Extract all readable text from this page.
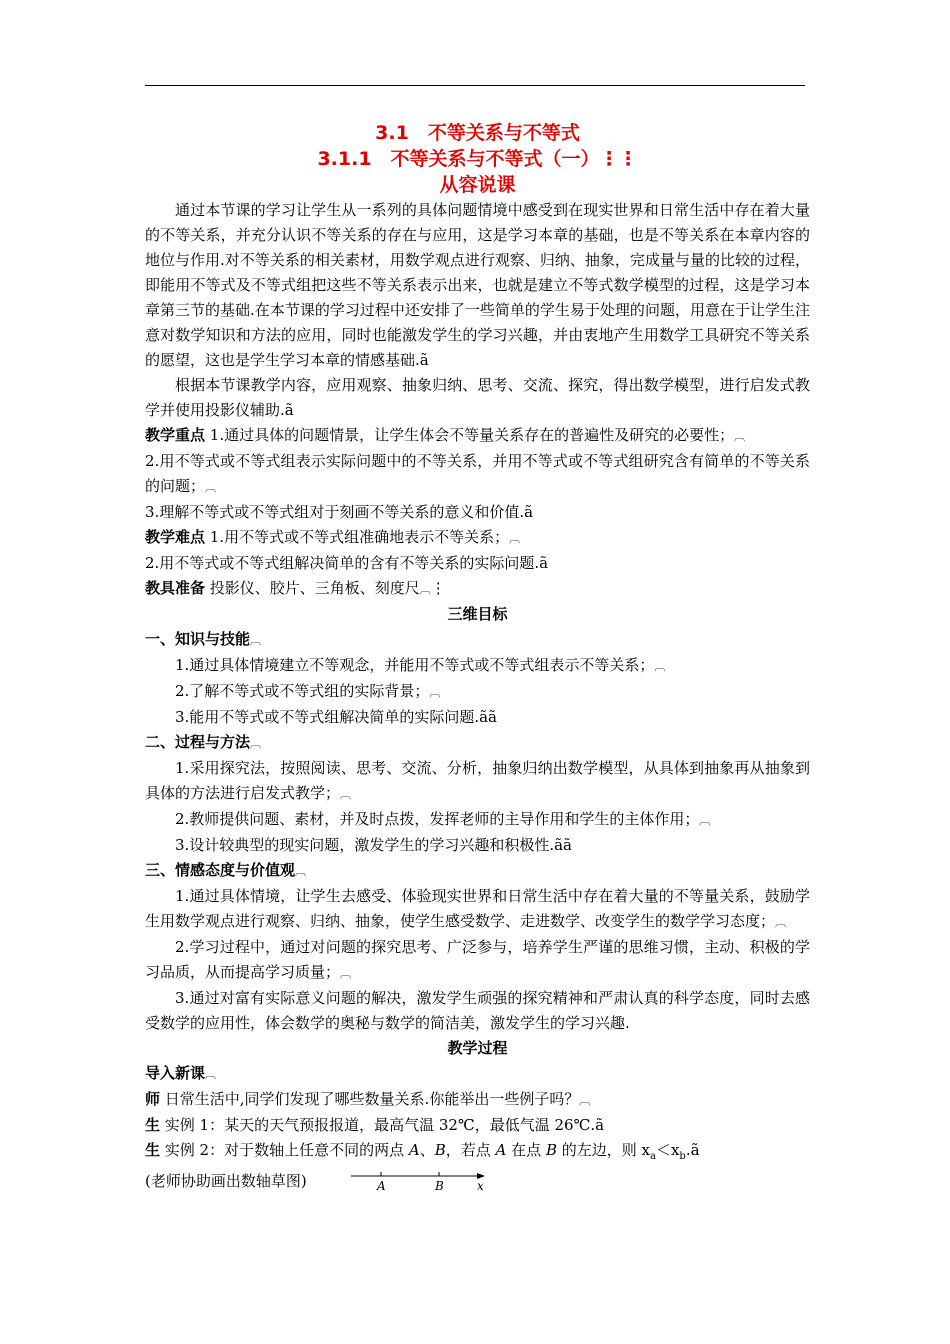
3.1　不等关系与不等式
3.1.1　不等关系与不等式（一）⋮⋮
从容说课

通过本节课的学习让学生从一系列的具体问题情境中感受到在现实世界和日常生活中存在着大量的不等关系，并充分认识不等关系的存在与应用，这是学习本章的基础，也是不等关系在本章内容的地位与作用.对不等关系的相关素材，用数学观点进行观察、归纳、抽象，完成量与量的比较的过程，即能用不等式及不等式组把这些不等关系表示出来，也就是建立不等式数学模型的过程，这是学习本章第三节的基础.在本节课的学习过程中还安排了一些简单的学生易于处理的问题，用意在于让学生注意对数学知识和方法的应用，同时也能激发学生的学习兴趣，并由衷地产生用数学工具研究不等关系的愿望，这也是学生学习本章的情感基础.ã

根据本节课教学内容，应用观察、抽象归纳、思考、交流、探究，得出数学模型，进行启发式教学并使用投影仪辅助.ã

教学重点 1.通过具体的问题情景，让学生体会不等量关系存在的普遍性及研究的必要性；︹

2.用不等式或不等式组表示实际问题中的不等关系，并用不等式或不等式组研究含有简单的不等关系的问题；︹

3.理解不等式或不等式组对于刻画不等关系的意义和价值.ã

教学难点 1.用不等式或不等式组准确地表示不等关系；︹

2.用不等式或不等式组解决简单的含有不等关系的实际问题.ã

教具准备 投影仪、胶片、三角板、刻度尺︹⋮

三维目标

一、知识与技能︹

1.通过具体情境建立不等观念，并能用不等式或不等式组表示不等关系；︹

2.了解不等式或不等式组的实际背景；︹

3.能用不等式或不等式组解决简单的实际问题.ãã

二、过程与方法︹

1.采用探究法，按照阅读、思考、交流、分析，抽象归纳出数学模型，从具体到抽象再从抽象到具体的方法进行启发式教学；︹

2.教师提供问题、素材，并及时点拨，发挥老师的主导作用和学生的主体作用；︹

3.设计较典型的现实问题，激发学生的学习兴趣和积极性.ãã

三、情感态度与价值观︹

1.通过具体情境，让学生去感受、体验现实世界和日常生活中存在着大量的不等量关系，鼓励学生用数学观点进行观察、归纳、抽象，使学生感受数学、走进数学、改变学生的数学学习态度；︹

2.学习过程中，通过对问题的探究思考、广泛参与，培养学生严谨的思维习惯，主动、积极的学习品质，从而提高学习质量；︹

3.通过对富有实际意义问题的解决，激发学生顽强的探究精神和严肃认真的科学态度，同时去感受数学的应用性，体会数学的奥秘与数学的简洁美，激发学生的学习兴趣.

教学过程

导入新课︹

师 日常生活中,同学们发现了哪些数量关系.你能举出一些例子吗？︹

生 实例 1：某天的天气预报报道，最高气温 32℃，最低气温 26℃.ã

生 实例 2：对于数轴上任意不同的两点 A、B，若点 A 在点 B 的左边，则 $x_a<x_b.ã$

(老师协助画出数轴草图)	A	B	x
